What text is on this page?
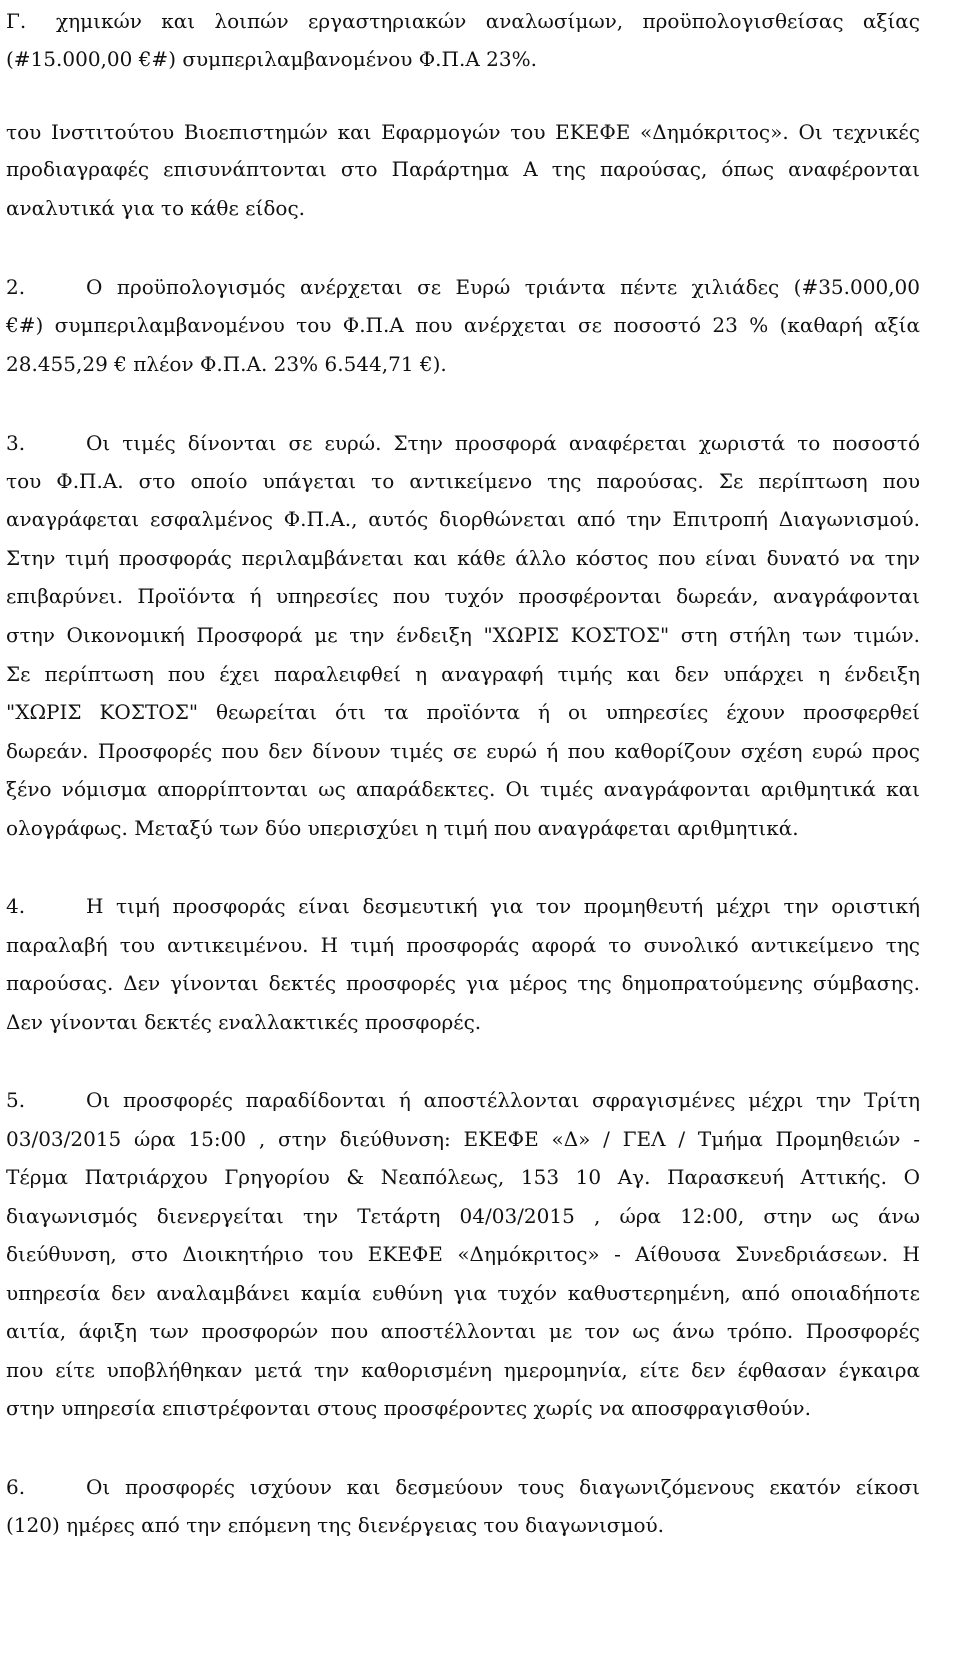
Γ. χημικών και λοιπών εργαστηριακών αναλωσίμων, προϋπολογισθείσας αξίας
(#15.000,00 €#) συμπεριλαμβανομένου Φ.Π.Α 23%.
του Ινστιτούτου Βιοεπιστημών και Εφαρμογών του ΕΚΕΦΕ «Δημόκριτος». Οι τεχνικές
προδιαγραφές επισυνάπτονται στο Παράρτημα Α της παρούσας, όπως αναφέρονται
αναλυτικά για το κάθε είδος.
2.	Ο προϋπολογισμός ανέρχεται σε Ευρώ τριάντα πέντε χιλιάδες (#35.000,00
€#) συμπεριλαμβανομένου του Φ.Π.Α που ανέρχεται σε ποσοστό 23 % (καθαρή αξία
28.455,29 € πλέον Φ.Π.Α. 23% 6.544,71 €).
3.	Οι τιμές δίνονται σε ευρώ. Στην προσφορά αναφέρεται χωριστά το ποσοστό
του Φ.Π.Α. στο οποίο υπάγεται το αντικείμενο της παρούσας. Σε περίπτωση που
αναγράφεται εσφαλμένος Φ.Π.Α., αυτός διορθώνεται από την Επιτροπή Διαγωνισμού.
Στην τιμή προσφοράς περιλαμβάνεται και κάθε άλλο κόστος που είναι δυνατό να την
επιβαρύνει. Προϊόντα ή υπηρεσίες που τυχόν προσφέρονται δωρεάν, αναγράφονται
στην Οικονομική Προσφορά με την ένδειξη "ΧΩΡΙΣ ΚΟΣΤΟΣ" στη στήλη των τιμών.
Σε περίπτωση που έχει παραλειφθεί η αναγραφή τιμής και δεν υπάρχει η ένδειξη
"ΧΩΡΙΣ ΚΟΣΤΟΣ" θεωρείται ότι τα προϊόντα ή οι υπηρεσίες έχουν προσφερθεί
δωρεάν. Προσφορές που δεν δίνουν τιμές σε ευρώ ή που καθορίζουν σχέση ευρώ προς
ξένο νόμισμα απορρίπτονται ως απαράδεκτες. Οι τιμές αναγράφονται αριθμητικά και
ολογράφως. Μεταξύ των δύο υπερισχύει η τιμή που αναγράφεται αριθμητικά.
4.	Η τιμή προσφοράς είναι δεσμευτική για τον προμηθευτή μέχρι την οριστική
παραλαβή του αντικειμένου. Η τιμή προσφοράς αφορά το συνολικό αντικείμενο της
παρούσας. Δεν γίνονται δεκτές προσφορές για μέρος της δημοπρατούμενης σύμβασης.
Δεν γίνονται δεκτές εναλλακτικές προσφορές.
5.	Οι προσφορές παραδίδονται ή αποστέλλονται σφραγισμένες μέχρι την Τρίτη
03/03/2015 ώρα 15:00 , στην διεύθυνση: ΕΚΕΦΕ «Δ» / ΓΕΛ / Τμήμα Προμηθειών -
Τέρμα Πατριάρχου Γρηγορίου & Νεαπόλεως, 153 10 Αγ. Παρασκευή Αττικής. Ο
διαγωνισμός διενεργείται την Τετάρτη 04/03/2015 , ώρα 12:00, στην ως άνω
διεύθυνση, στο Διοικητήριο του ΕΚΕΦΕ «Δημόκριτος» - Αίθουσα Συνεδριάσεων. Η
υπηρεσία δεν αναλαμβάνει καμία ευθύνη για τυχόν καθυστερημένη, από οποιαδήποτε
αιτία, άφιξη των προσφορών που αποστέλλονται με τον ως άνω τρόπο. Προσφορές
που είτε υποβλήθηκαν μετά την καθορισμένη ημερομηνία, είτε δεν έφθασαν έγκαιρα
στην υπηρεσία επιστρέφονται στους προσφέροντες χωρίς να αποσφραγισθούν.
6.	Οι προσφορές ισχύουν και δεσμεύουν τους διαγωνιζόμενους εκατόν είκοσι
(120) ημέρες από την επόμενη της διενέργειας του διαγωνισμού.
